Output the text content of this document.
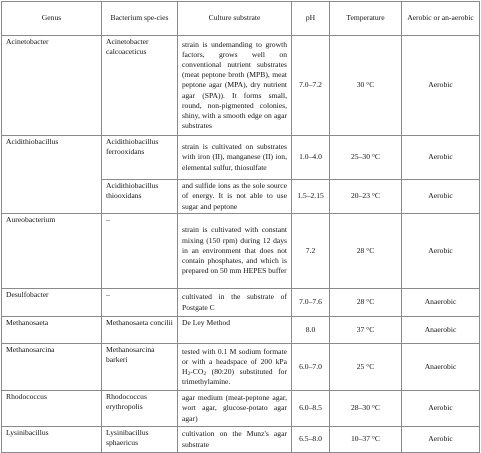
Genus	Bacterium spe-cies	Culture substrate	pH	Temperature	Aerobic or an-aerobic
Acinetobacter	Acinetobacter calcoaceticus	strain is undemanding to growth factors, grows well on conventional nutrient substrates (meat peptone broth (MPB), meat peptone agar (MPA), dry nutrient agar (SPA)). It forms small, round, non-pigmented colonies, shiny, with a smooth edge on agar substrates	7.0–7.2	30 °C	Aerobic
Acidithiobacillus	Acidithiobacillus ferrooxidans	strain is cultivated on substrates with iron (II), manganese (II) ion, elemental sulfur, thiosulfate	1.0–4.0	25–30 °C	Aerobic
	Acidithiobacillus thiooxidans	and sulfide ions as the sole source of energy. It is not able to use sugar and peptone	1.5–2.15	20–23 °C	Aerobic
Aureobacterium	–	strain is cultivated with constant mixing (150 rpm) during 12 days in an environment that does not contain phosphates, and which is prepared on 50 mm HEPES buffer	7.2	28 °C	Aerobic
Desulfobacter	–	cultivated in the substrate of Postgate C	7.0–7.6	28 °C	Anaerobic
Methanosaeta	Methanosaeta concilii	De Ley Method	8.0	37 °C	Anaerobic
Methanosarcina	Methanosarcina barkeri	tested with 0.1 M sodium formate or with a headspace of 200 kPa $H_2-CO_2$ (80:20) substituted for trimethylamine.	6.0–7.0	25 °C	Anaerobic
Rhodococcus	Rhodococcus erythropolis	agar medium (meat-peptone agar, wort agar, glucose-potato agar agar)	6.0–8.5	28–30 °C	Aerobic
Lysinibacillus	Lysinibacillus sphaericus	cultivation on the Munz's agar substrate	6.5–8.0	10–37 °C	Aerobic
